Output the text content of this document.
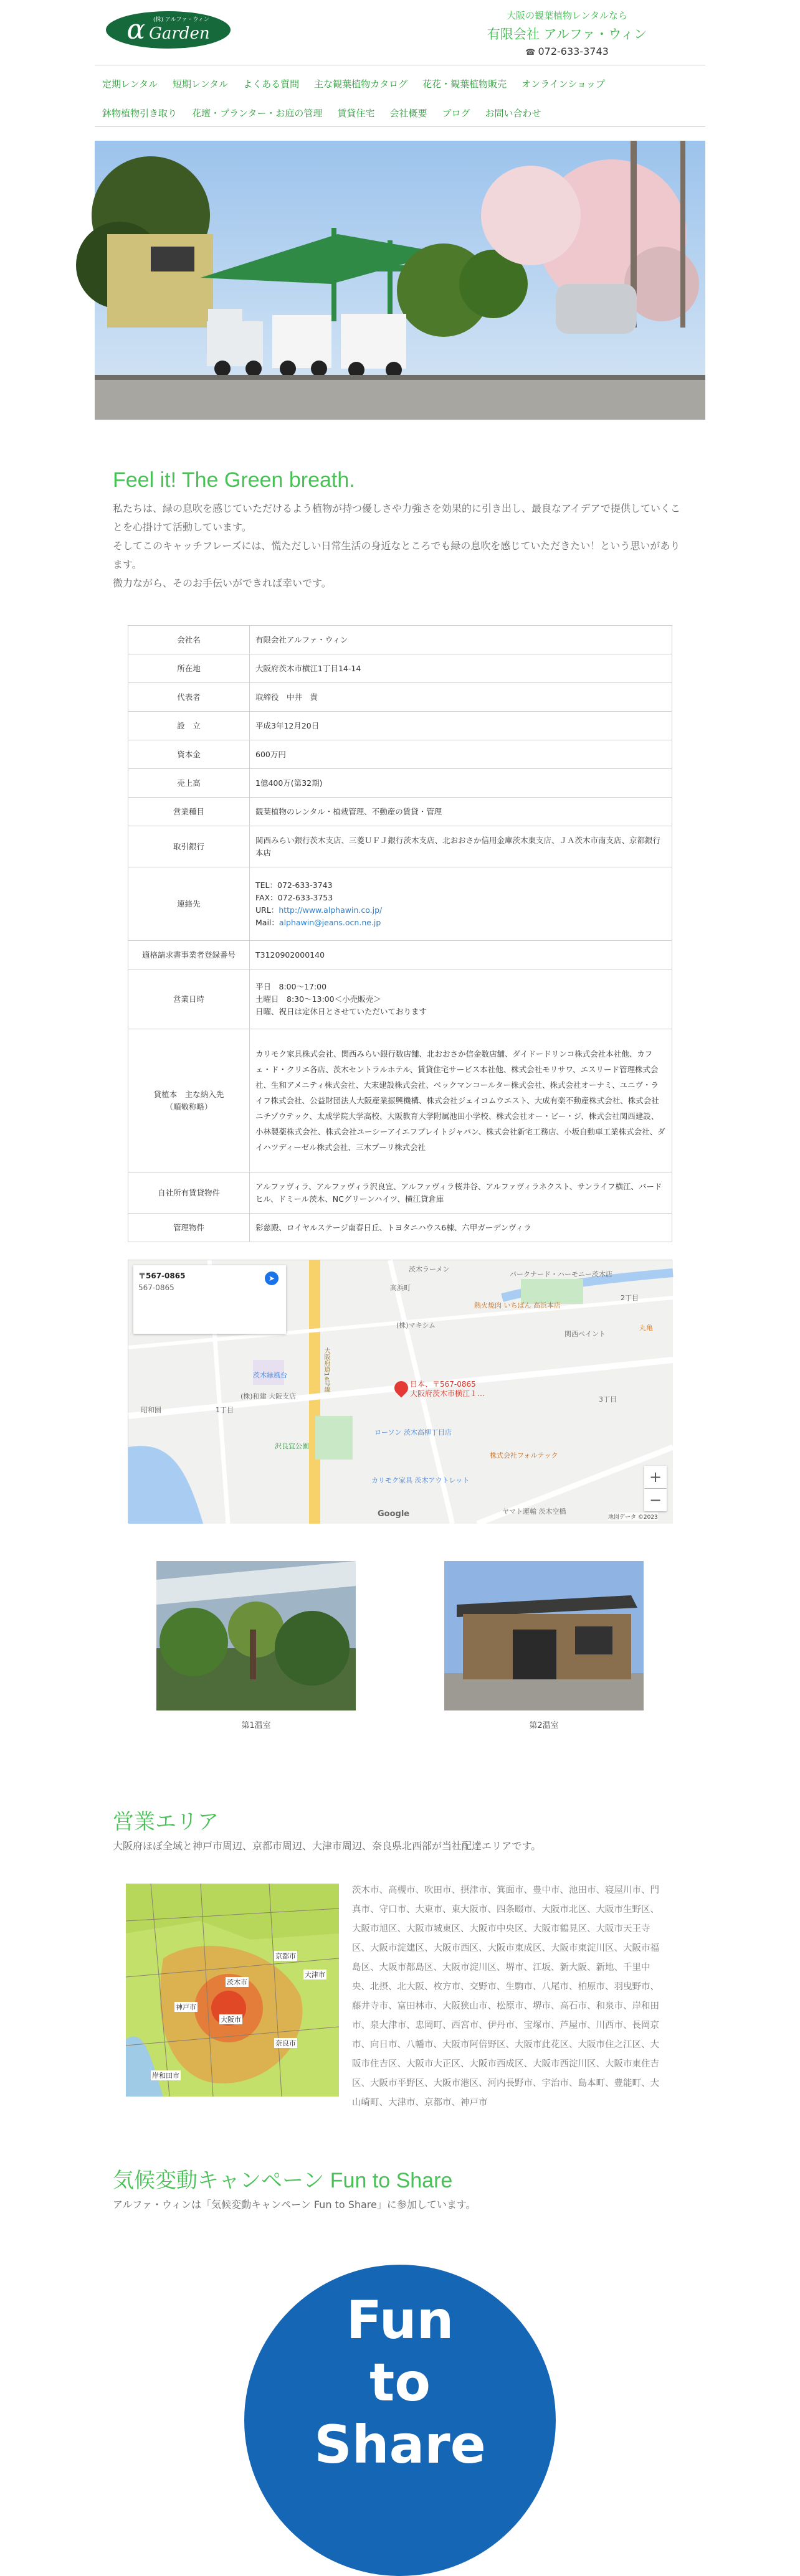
(株) アルファ・ウィン
α Garden
大阪の観葉植物レンタルなら
有限会社 アルファ・ウィン
☎ 072-633-3743
定期レンタル	短期レンタル	よくある質問	主な観葉植物カタログ	花花・観葉植物販売	オンラインショップ
鉢物植物引き取り	花壇・プランター・お庭の管理	賃貸住宅	会社概要	ブログ	お問い合わせ
Feel it! The Green breath.
私たちは、緑の息吹を感じていただけるよう植物が持つ優しさや力強さを効果的に引き出し、最良なアイデアで提供していくことを心掛けて活動しています。
そしてこのキャッチフレーズには、慌ただしい日常生活の身近なところでも緑の息吹を感じていただきたい！という思いがあります。
微力ながら、そのお手伝いができれば幸いです。
会社名	有限会社アルファ・ウィン
所在地	大阪府茨木市横江1丁目14-14
代表者	取締役　中井　貴
設　立	平成3年12月20日
資本金	600万円
売上高	1億400万(第32期)
営業種目	観葉植物のレンタル・植栽管理、不動産の賃貸・管理
取引銀行	関西みらい銀行茨木支店、三菱ＵＦＪ銀行茨木支店、北おおさか信用金庫茨木東支店、ＪＡ茨木市南支店、京都銀行本店
連絡先	TEL：072-633-3743
FAX：072-633-3753
URL：http://www.alphawin.co.jp/
Mail：alphawin@jeans.ocn.ne.jp

適格請求書事業者登録番号	T3120902000140
営業日時	平日　8:00～17:00
土曜日　8:30～13:00＜小売販売＞
日曜、祝日は定休日とさせていただいております

貸植本　主な納入先
（順敬称略）	カリモク家具株式会社、関西みらい銀行数店舗、北おおさか信金数店舗、ダイドードリンコ株式会社本社他、カフェ・ド・クリエ各店、茨木セントラルホテル、賃貸住宅サービス本社他、株式会社モリサワ、エスリード管理株式会社、生和アメニティ株式会社、大末建設株式会社、ベックマンコールター株式会社、株式会社オーナミ、ユニヴ・ライフ株式会社、公益財団法人大阪産業振興機構、株式会社ジェイコムウエスト、大成有楽不動産株式会社、株式会社ニチゾウテック、太成学院大学高校、大阪教育大学附属池田小学校、株式会社オー・ビー・ジ、株式会社関西建設、小林製薬株式会社、株式会社ユーシーアイエフプレイトジャパン、株式会社新宅工務店、小坂自動車工業株式会社、ダイハツディーゼル株式会社、三木プーリ株式会社
自社所有賃貸物件	アルファヴィラ、アルファヴィラ沢良宜、アルファヴィラ桜井谷、アルファヴィラネクスト、サンライフ横江、バードヒル、ドミール茨木、NCグリーンハイツ、横江貸倉庫
管理物件	彩慈殿、ロイヤルステージ南春日丘、トヨタニハウス6棟、六甲ガーデンヴィラ
〒567-0865
567-0865
➤
日本、〒567-0865
大阪府茨木市横江１…
パークナード・ハーモニー茨木店
茨木ラーメン
熱火焼肉 いちばん 高浜本店
(株)マキシム
茨木緑風台
(株)和建 大阪支店
沢良宜公園
ローソン 茨木高柳丁目店
カリモク家具 茨木アウトレット
株式会社フォルテック
ヤマト運輸 茨木空橋
関西ペイント
高浜町
丸亀
2丁目
3丁目
1丁目
昭和園
大阪府道14号線
+
−
Google	地図データ ©2023
第1温室	第2温室
営業エリア
大阪府ほぼ全域と神戸市周辺、京都市周辺、大津市周辺、奈良県北西部が当社配達エリアです。
京都市
大津市
神戸市
大阪市
奈良市
茨木市
岸和田市
茨木市、高槻市、吹田市、摂津市、箕面市、豊中市、池田市、寝屋川市、門真市、守口市、大東市、東大阪市、四条畷市、大阪市北区、大阪市生野区、大阪市旭区、大阪市城東区、大阪市中央区、大阪市鶴見区、大阪市天王寺区、大阪市淀建区、大阪市西区、大阪市東成区、大阪市東淀川区、大阪市福島区、大阪市都島区、大阪市淀川区、堺市、江坂、新大阪、新地、千里中央、北摂、北大阪、枚方市、交野市、生駒市、八尾市、柏原市、羽曳野市、藤井寺市、富田林市、大阪狭山市、松原市、堺市、高石市、和泉市、岸和田市、泉大津市、忠岡町、西宮市、伊丹市、宝塚市、芦屋市、川西市、長岡京市、向日市、八幡市、大阪市阿倍野区、大阪市此花区、大阪市住之江区、大阪市住吉区、大阪市大正区、大阪市西成区、大阪市西淀川区、大阪市東住吉区、大阪市平野区、大阪市港区、河内長野市、宇治市、島本町、豊能町、大山崎町、大津市、京都市、神戸市
気候変動キャンペーン Fun to Share
アルファ・ウィンは「気候変動キャンペーン Fun to Share」に参加しています。
Fun
to
Share
